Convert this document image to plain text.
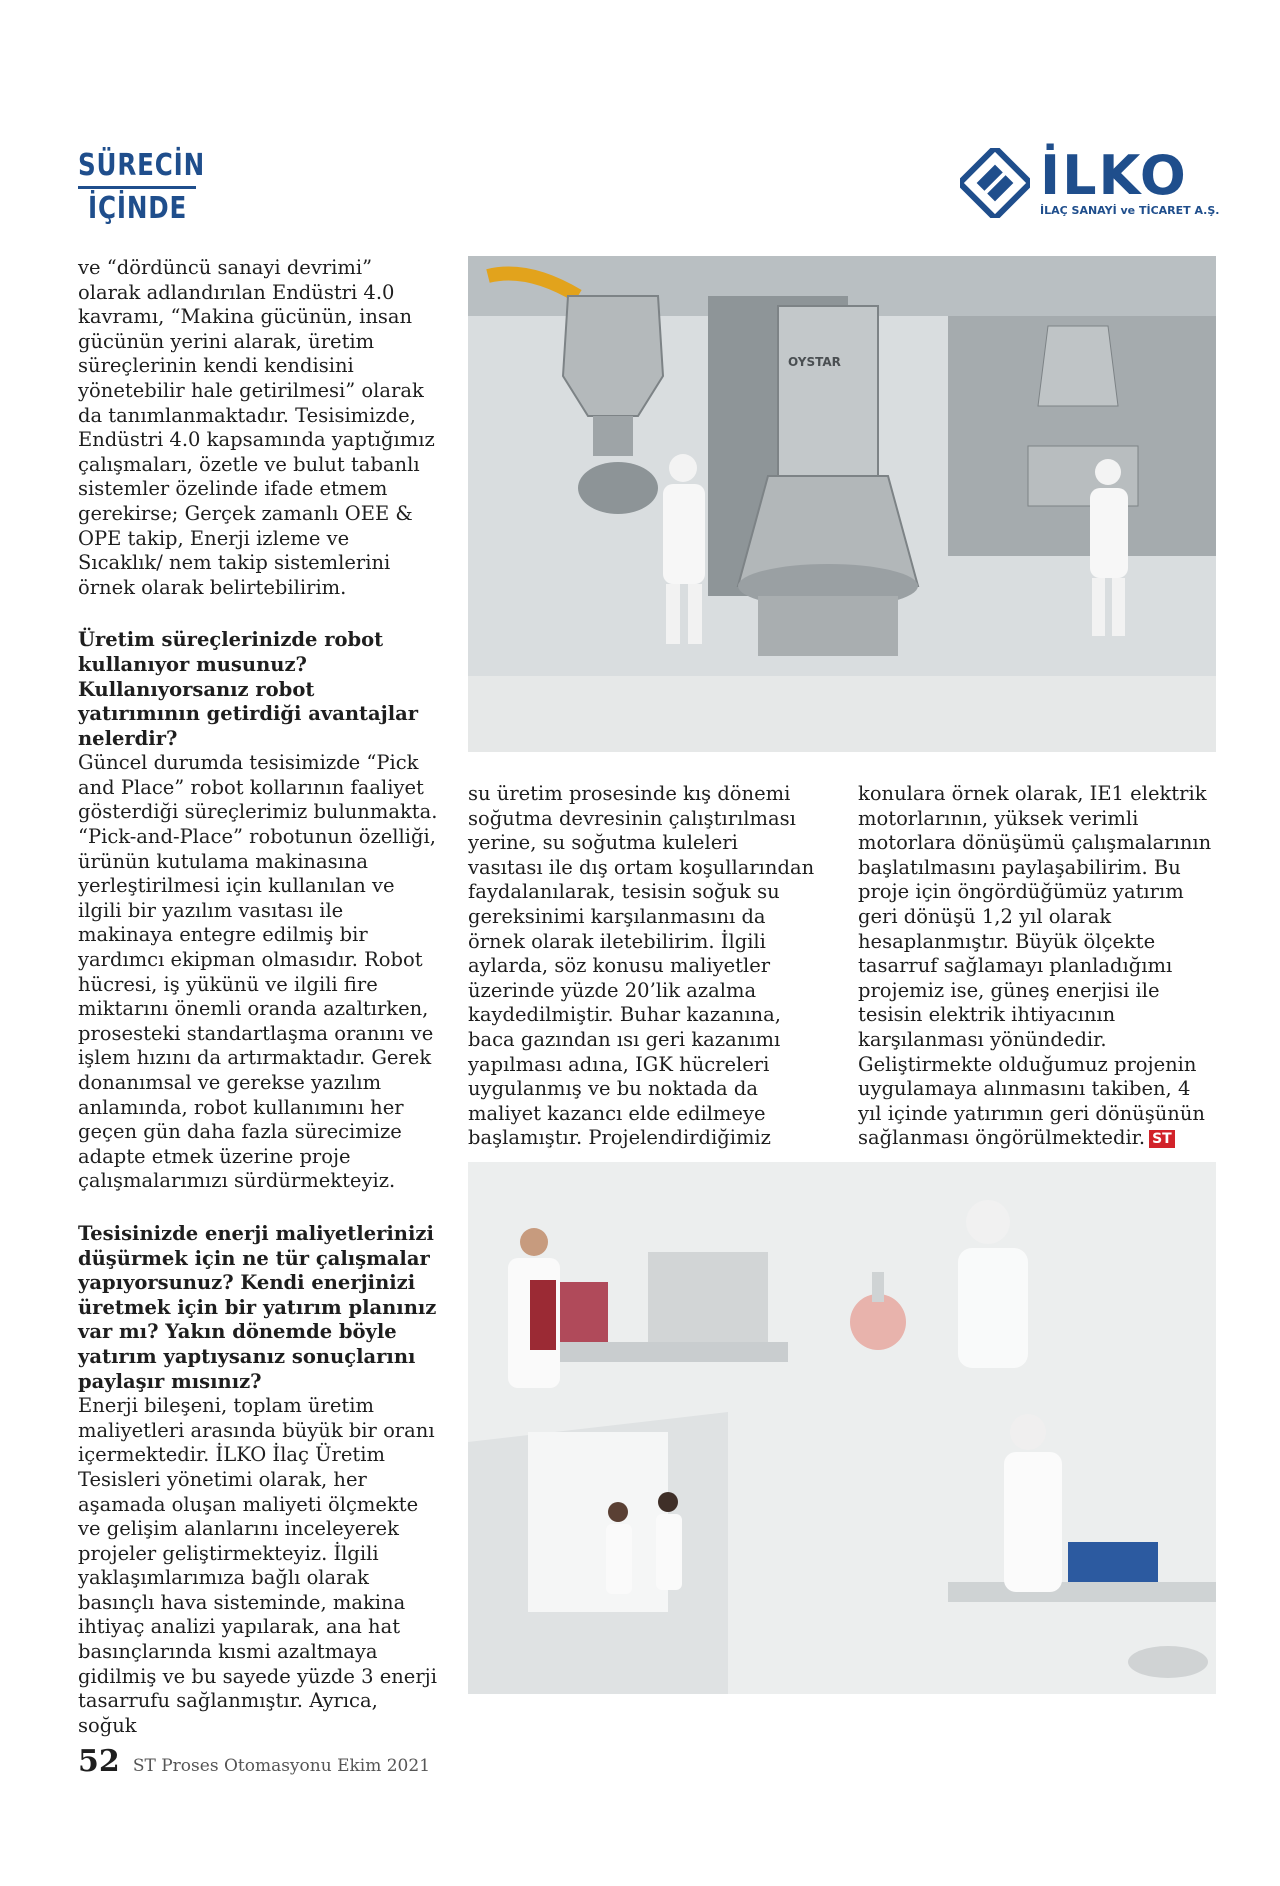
SÜRECİN
İÇİNDE
İLKO
İLAÇ SANAYİ ve TİCARET A.Ş.

ve “dördüncü sanayi devrimi” olarak adlandırılan Endüstri 4.0 kavramı, “Makina gücünün, insan gücünün yerini alarak, üretim süreçlerinin kendi kendisini yönetebilir hale getirilmesi” olarak da tanımlanmaktadır. Tesisimizde, Endüstri 4.0 kapsamında yaptığımız çalışmaları, özetle ve bulut tabanlı sistemler özelinde ifade etmem gerekirse; Gerçek zamanlı OEE & OPE takip, Enerji izleme ve Sıcaklık/ nem takip sistemlerini örnek olarak belirtebilirim.

Üretim süreçlerinizde robot kullanıyor musunuz? Kullanıyorsanız robot yatırımının getirdiği avantajlar nelerdir?

Güncel durumda tesisimizde “Pick and Place” robot kollarının faaliyet gösterdiği süreçlerimiz bulunmakta. “Pick-and-Place” robotunun özelliği, ürünün kutulama makinasına yerleştirilmesi için kullanılan ve ilgili bir yazılım vasıtası ile makinaya entegre edilmiş bir yardımcı ekipman olmasıdır. Robot hücresi, iş yükünü ve ilgili fire miktarını önemli oranda azaltırken, prosesteki standartlaşma oranını ve işlem hızını da artırmaktadır. Gerek donanımsal ve gerekse yazılım anlamında, robot kullanımını her geçen gün daha fazla sürecimize adapte etmek üzerine proje çalışmalarımızı sürdürmekteyiz.

Tesisinizde enerji maliyetlerinizi düşürmek için ne tür çalışmalar yapıyorsunuz? Kendi enerjinizi üretmek için bir yatırım planınız var mı? Yakın dönemde böyle yatırım yaptıysanız sonuçlarını paylaşır mısınız?

Enerji bileşeni, toplam üretim maliyetleri arasında büyük bir oranı içermektedir. İLKO İlaç Üretim Tesisleri yönetimi olarak, her aşamada oluşan maliyeti ölçmekte ve gelişim alanlarını inceleyerek projeler geliştirmekteyiz. İlgili yaklaşımlarımıza bağlı olarak basınçlı hava sisteminde, makina ihtiyaç analizi yapılarak, ana hat basınçlarında kısmi azaltmaya gidilmiş ve bu sayede yüzde 3 enerji tasarrufu sağlanmıştır. Ayrıca, soğuk

OYSTAR

su üretim prosesinde kış dönemi soğutma devresinin çalıştırılması yerine, su soğutma kuleleri vasıtası ile dış ortam koşullarından faydalanılarak, tesisin soğuk su gereksinimi karşılanmasını da örnek olarak iletebilirim. İlgili aylarda, söz konusu maliyetler üzerinde yüzde 20’lik azalma kaydedilmiştir. Buhar kazanına, baca gazından ısı geri kazanımı yapılması adına, IGK hücreleri uygulanmış ve bu noktada da maliyet kazancı elde edilmeye başlamıştır. Projelendirdiğimiz

konulara örnek olarak, IE1 elektrik motorlarının, yüksek verimli motorlara dönüşümü çalışmalarının başlatılmasını paylaşabilirim. Bu proje için öngördüğümüz yatırım geri dönüşü 1,2 yıl olarak hesaplanmıştır. Büyük ölçekte tasarruf sağlamayı planladığımı projemiz ise, güneş enerjisi ile tesisin elektrik ihtiyacının karşılanması yönündedir. Geliştirmekte olduğumuz projenin uygulamaya alınmasını takiben, 4 yıl içinde yatırımın geri dönüşünün sağlanması öngörülmektedir. ST

52 ST Proses Otomasyonu Ekim 2021
